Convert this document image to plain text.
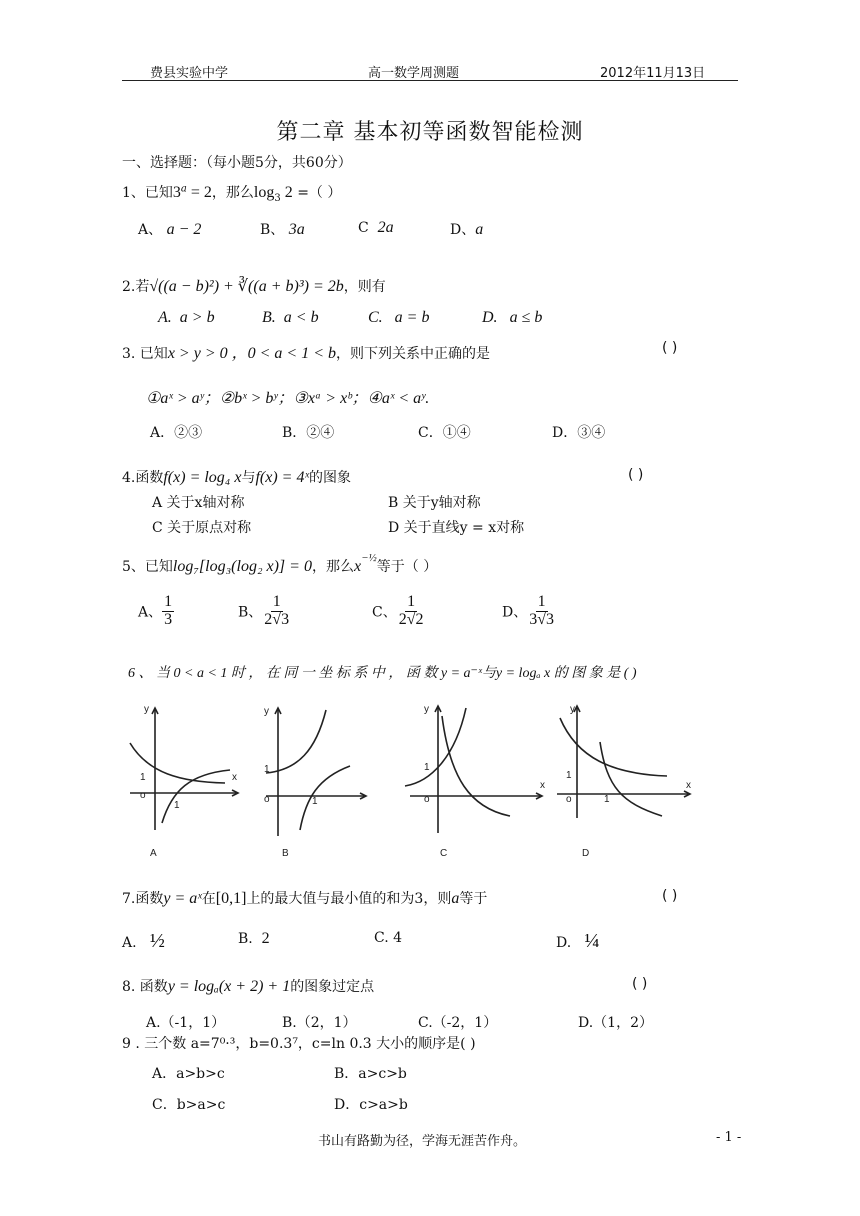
费县实验中学	高一数学周测题	2012年11月13日
第二章 基本初等函数智能检测
一、选择题：（每小题5分，共60分）
1、已知$3^a = 2$，那么$\log_3 2$ =（ ）
A、 a − 2	B、 3a	C 2a	D、a
2.若√((a − b)²) + ∛((a + b)³) = 2b，则有
A. a > b	B. a < b	C. a = b	D. a ≤ b
3. 已知x > y > 0 ，0 < a < 1 < b，则下列关系中正确的是	( )
①aˣ > aʸ；②bˣ > bʸ；③xᵃ > xᵇ；④aˣ < aʸ.
A．②③	B．②④	C．①④	D．③④
4.函数f(x) = log₄ x与f(x) = 4ˣ的图象	( )
A 关于x轴对称	B 关于y轴对称
C 关于原点对称	D 关于直线y = x对称
5、已知log₇[log₃(log₂ x)] = 0，那么$x^{-\frac{1}{2}}$等于（ ）
A、 $\frac{1}{3}$	B、 $\frac{1}{2√3}$	C、 $\frac{1}{2√2}$	D、 $\frac{1}{3√3}$
6 、 当 0 < a < 1 时 ， 在 同 一 坐 标 系 中 ， 函 数 y = a⁻ˣ与y = logₐ x 的 图 象 是 ( )
y
x
1
o
1
A
y
1
o	1
B
y
x
1
o
C
y
x
1
o	1
D
7.函数y = aˣ在[0,1]上的最大值与最小值的和为3，则a等于	( )
A. ½	B. 2	C. 4	D. ¼
8. 函数y = logₐ(x + 2) + 1的图象过定点	( )
A.（-1，1）	B.（2，1）	C.（-2，1）	D.（1，2）
9 . 三个数 a=7⁰·³，b=0.3⁷，c=ln 0.3 大小的顺序是( )
A．a>b>c	B．a>c>b
C．b>a>c	D．c>a>b
书山有路勤为径，学海无涯苦作舟。	- 1 -
